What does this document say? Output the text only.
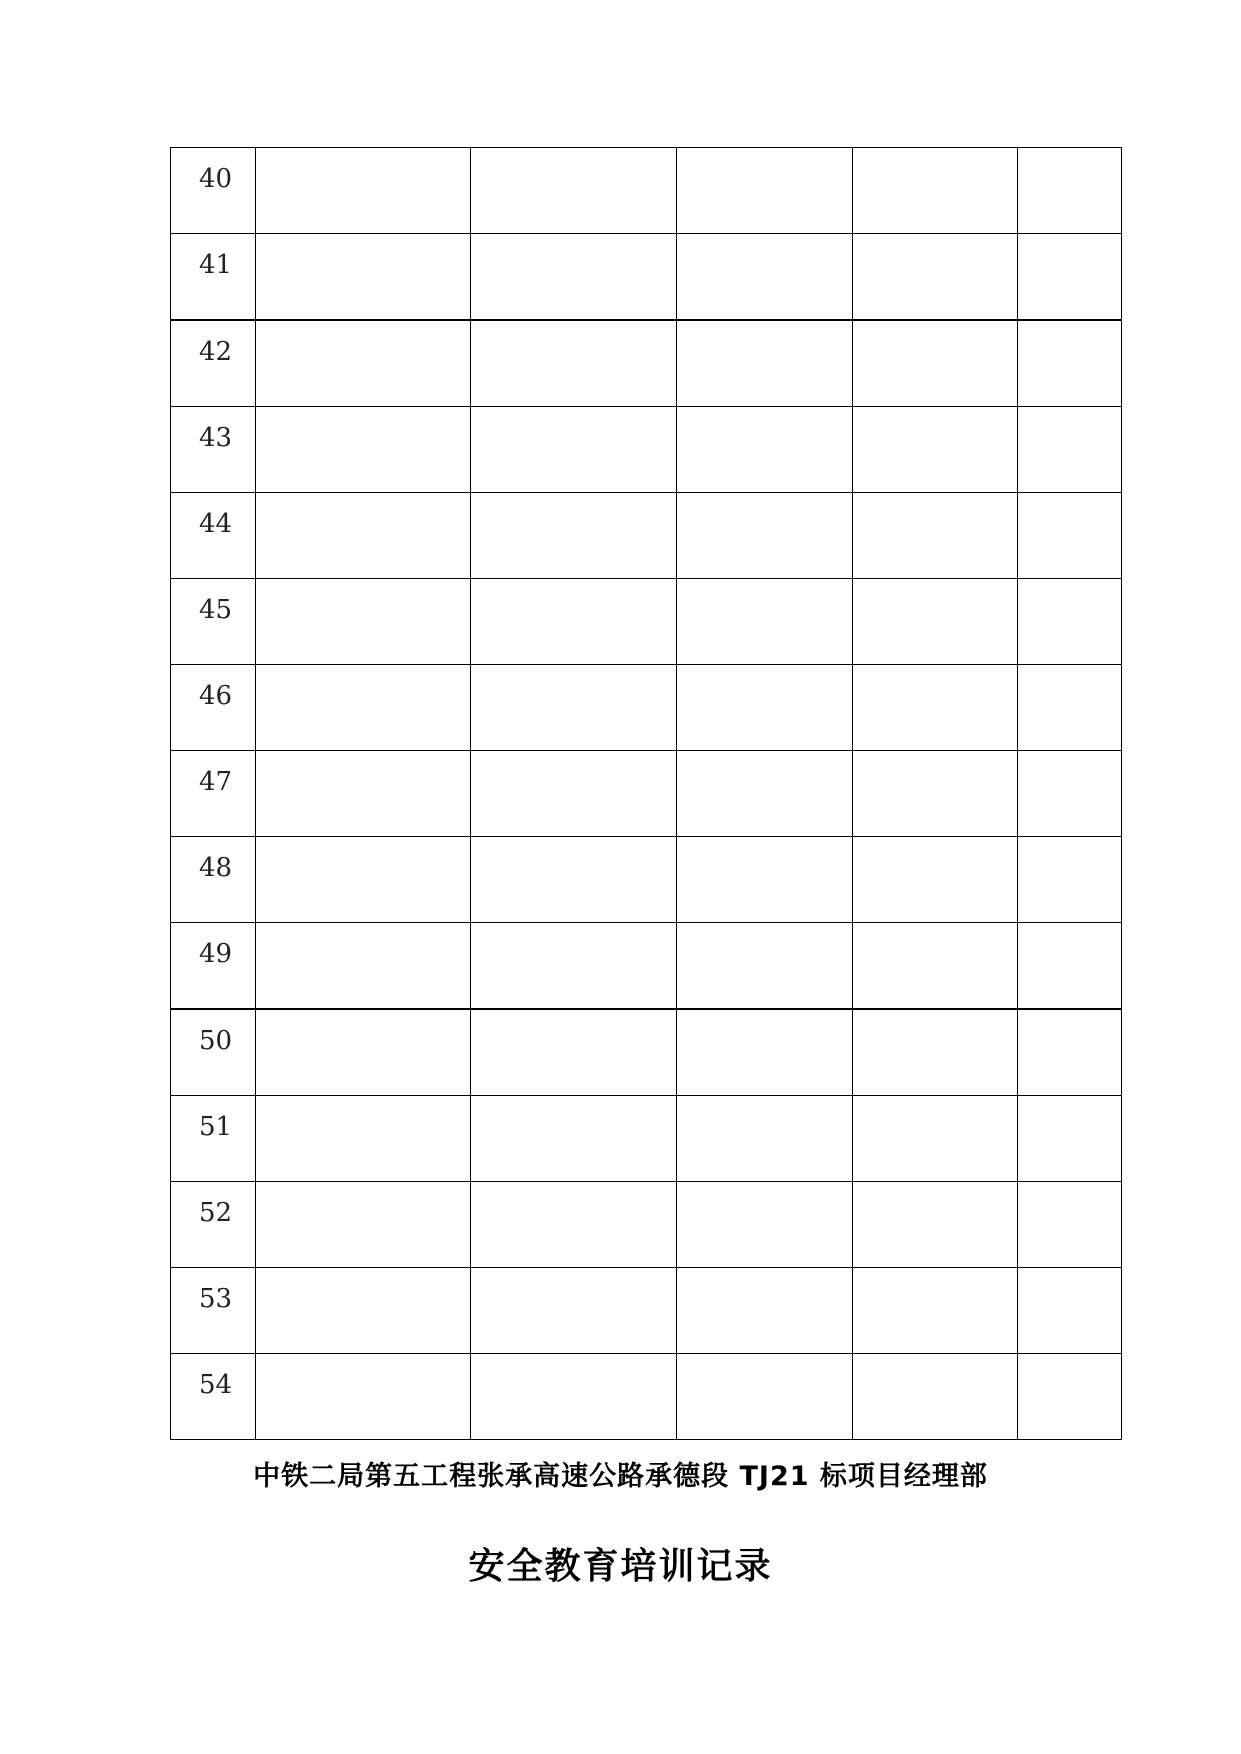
40					

41					

42					

43					

44					

45					

46					

47					

48					

49					

50					

51					

52					

53					

54					

中铁二局第五工程张承高速公路承德段 TJ21 标项目经理部
安全教育培训记录
